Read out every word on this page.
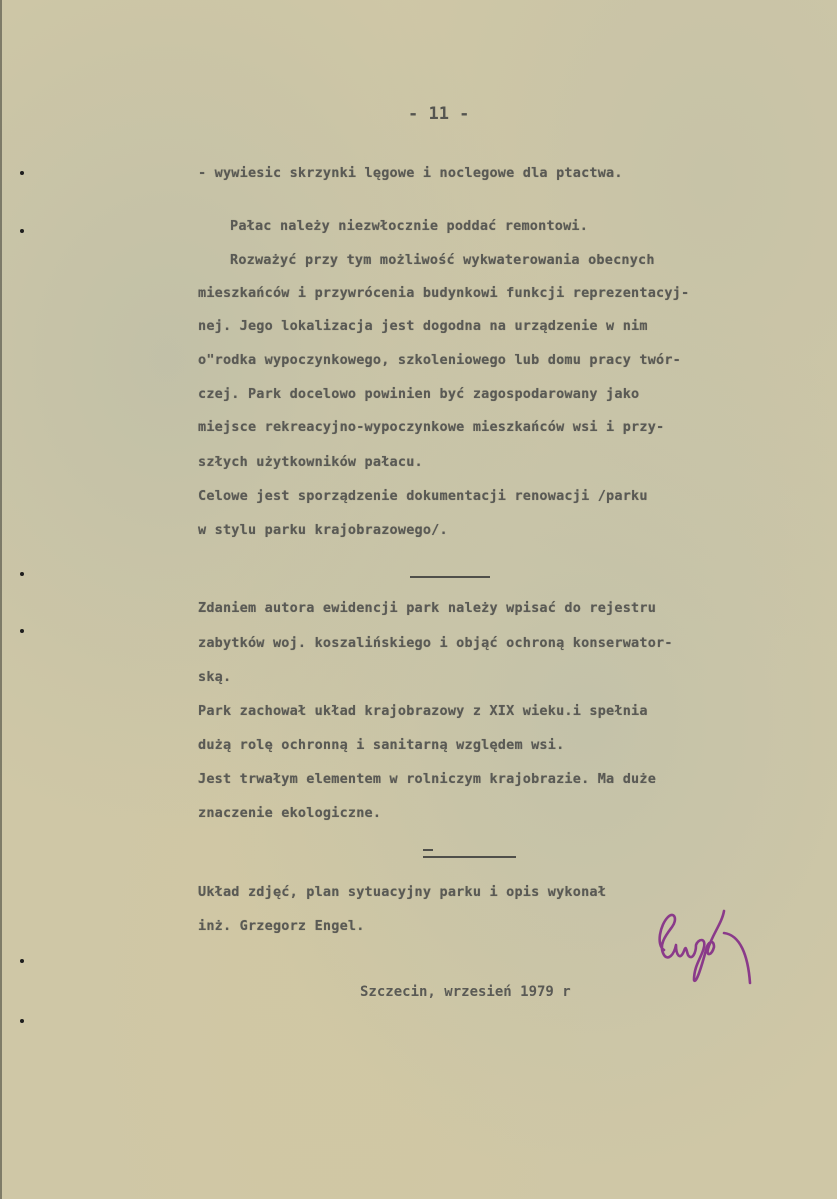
- 11 -
- wywiesic skrzynki lęgowe i noclegowe dla ptactwa.
Pałac należy niezwłocznie poddać remontowi.
Rozważyć przy tym możliwość wykwaterowania obecnych
mieszkańców i przywrócenia budynkowi funkcji reprezentacyj-
nej. Jego lokalizacja jest dogodna na urządzenie w nim
o"rodka wypoczynkowego, szkoleniowego lub domu pracy twór-
czej. Park docelowo powinien być zagospodarowany jako
miejsce rekreacyjno-wypoczynkowe mieszkańców wsi i przy-
szłych użytkowników pałacu.
Celowe jest sporządzenie dokumentacji renowacji /parku
w stylu parku krajobrazowego/.
Zdaniem autora ewidencji park należy wpisać do rejestru
zabytków woj. koszalińskiego i objąć ochroną konserwator-
ską.
Park zachował układ krajobrazowy z XIX wieku.i spełnia
dużą rolę ochronną i sanitarną względem wsi.
Jest trwałym elementem w rolniczym krajobrazie. Ma duże
znaczenie ekologiczne.
Układ zdjęć, plan sytuacyjny parku i opis wykonał
inż. Grzegorz Engel.
Szczecin, wrzesień 1979 r
